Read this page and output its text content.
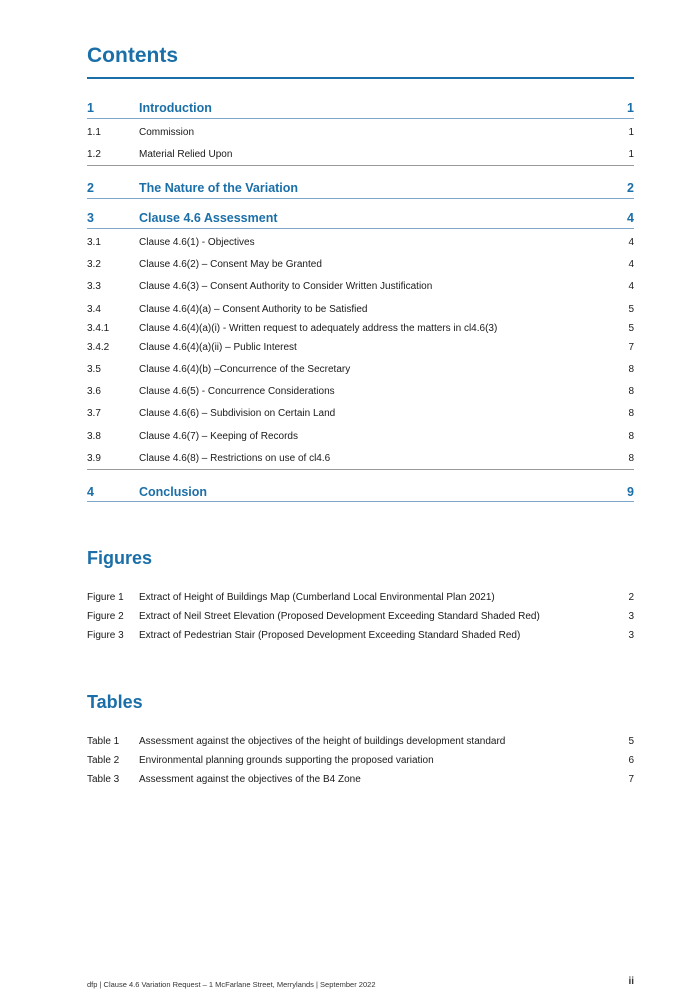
Contents
1	Introduction	1
1.1	Commission	1
1.2	Material Relied Upon	1
2	The Nature of the Variation	2
3	Clause 4.6 Assessment	4
3.1	Clause 4.6(1) - Objectives	4
3.2	Clause 4.6(2) – Consent May be Granted	4
3.3	Clause 4.6(3) – Consent Authority to Consider Written Justification	4
3.4	Clause 4.6(4)(a) – Consent Authority to be Satisfied	5
3.4.1	Clause 4.6(4)(a)(i) - Written request to adequately address the matters in cl4.6(3)	5
3.4.2	Clause 4.6(4)(a)(ii) – Public Interest	7
3.5	Clause 4.6(4)(b) –Concurrence of the Secretary	8
3.6	Clause 4.6(5) - Concurrence Considerations	8
3.7	Clause 4.6(6) – Subdivision on Certain Land	8
3.8	Clause 4.6(7) – Keeping of Records	8
3.9	Clause 4.6(8) – Restrictions on use of cl4.6	8
4	Conclusion	9
Figures
Figure 1	Extract of Height of Buildings Map (Cumberland Local Environmental Plan 2021)	2
Figure 2	Extract of Neil Street Elevation (Proposed Development Exceeding Standard Shaded Red)	3
Figure 3	Extract of Pedestrian Stair (Proposed Development Exceeding Standard Shaded Red)	3
Tables
Table 1	Assessment against the objectives of the height of buildings development standard	5
Table 2	Environmental planning grounds supporting the proposed variation	6
Table 3	Assessment against the objectives of the B4 Zone	7
dfp | Clause 4.6 Variation Request – 1 McFarlane Street, Merrylands | September 2022	ii
